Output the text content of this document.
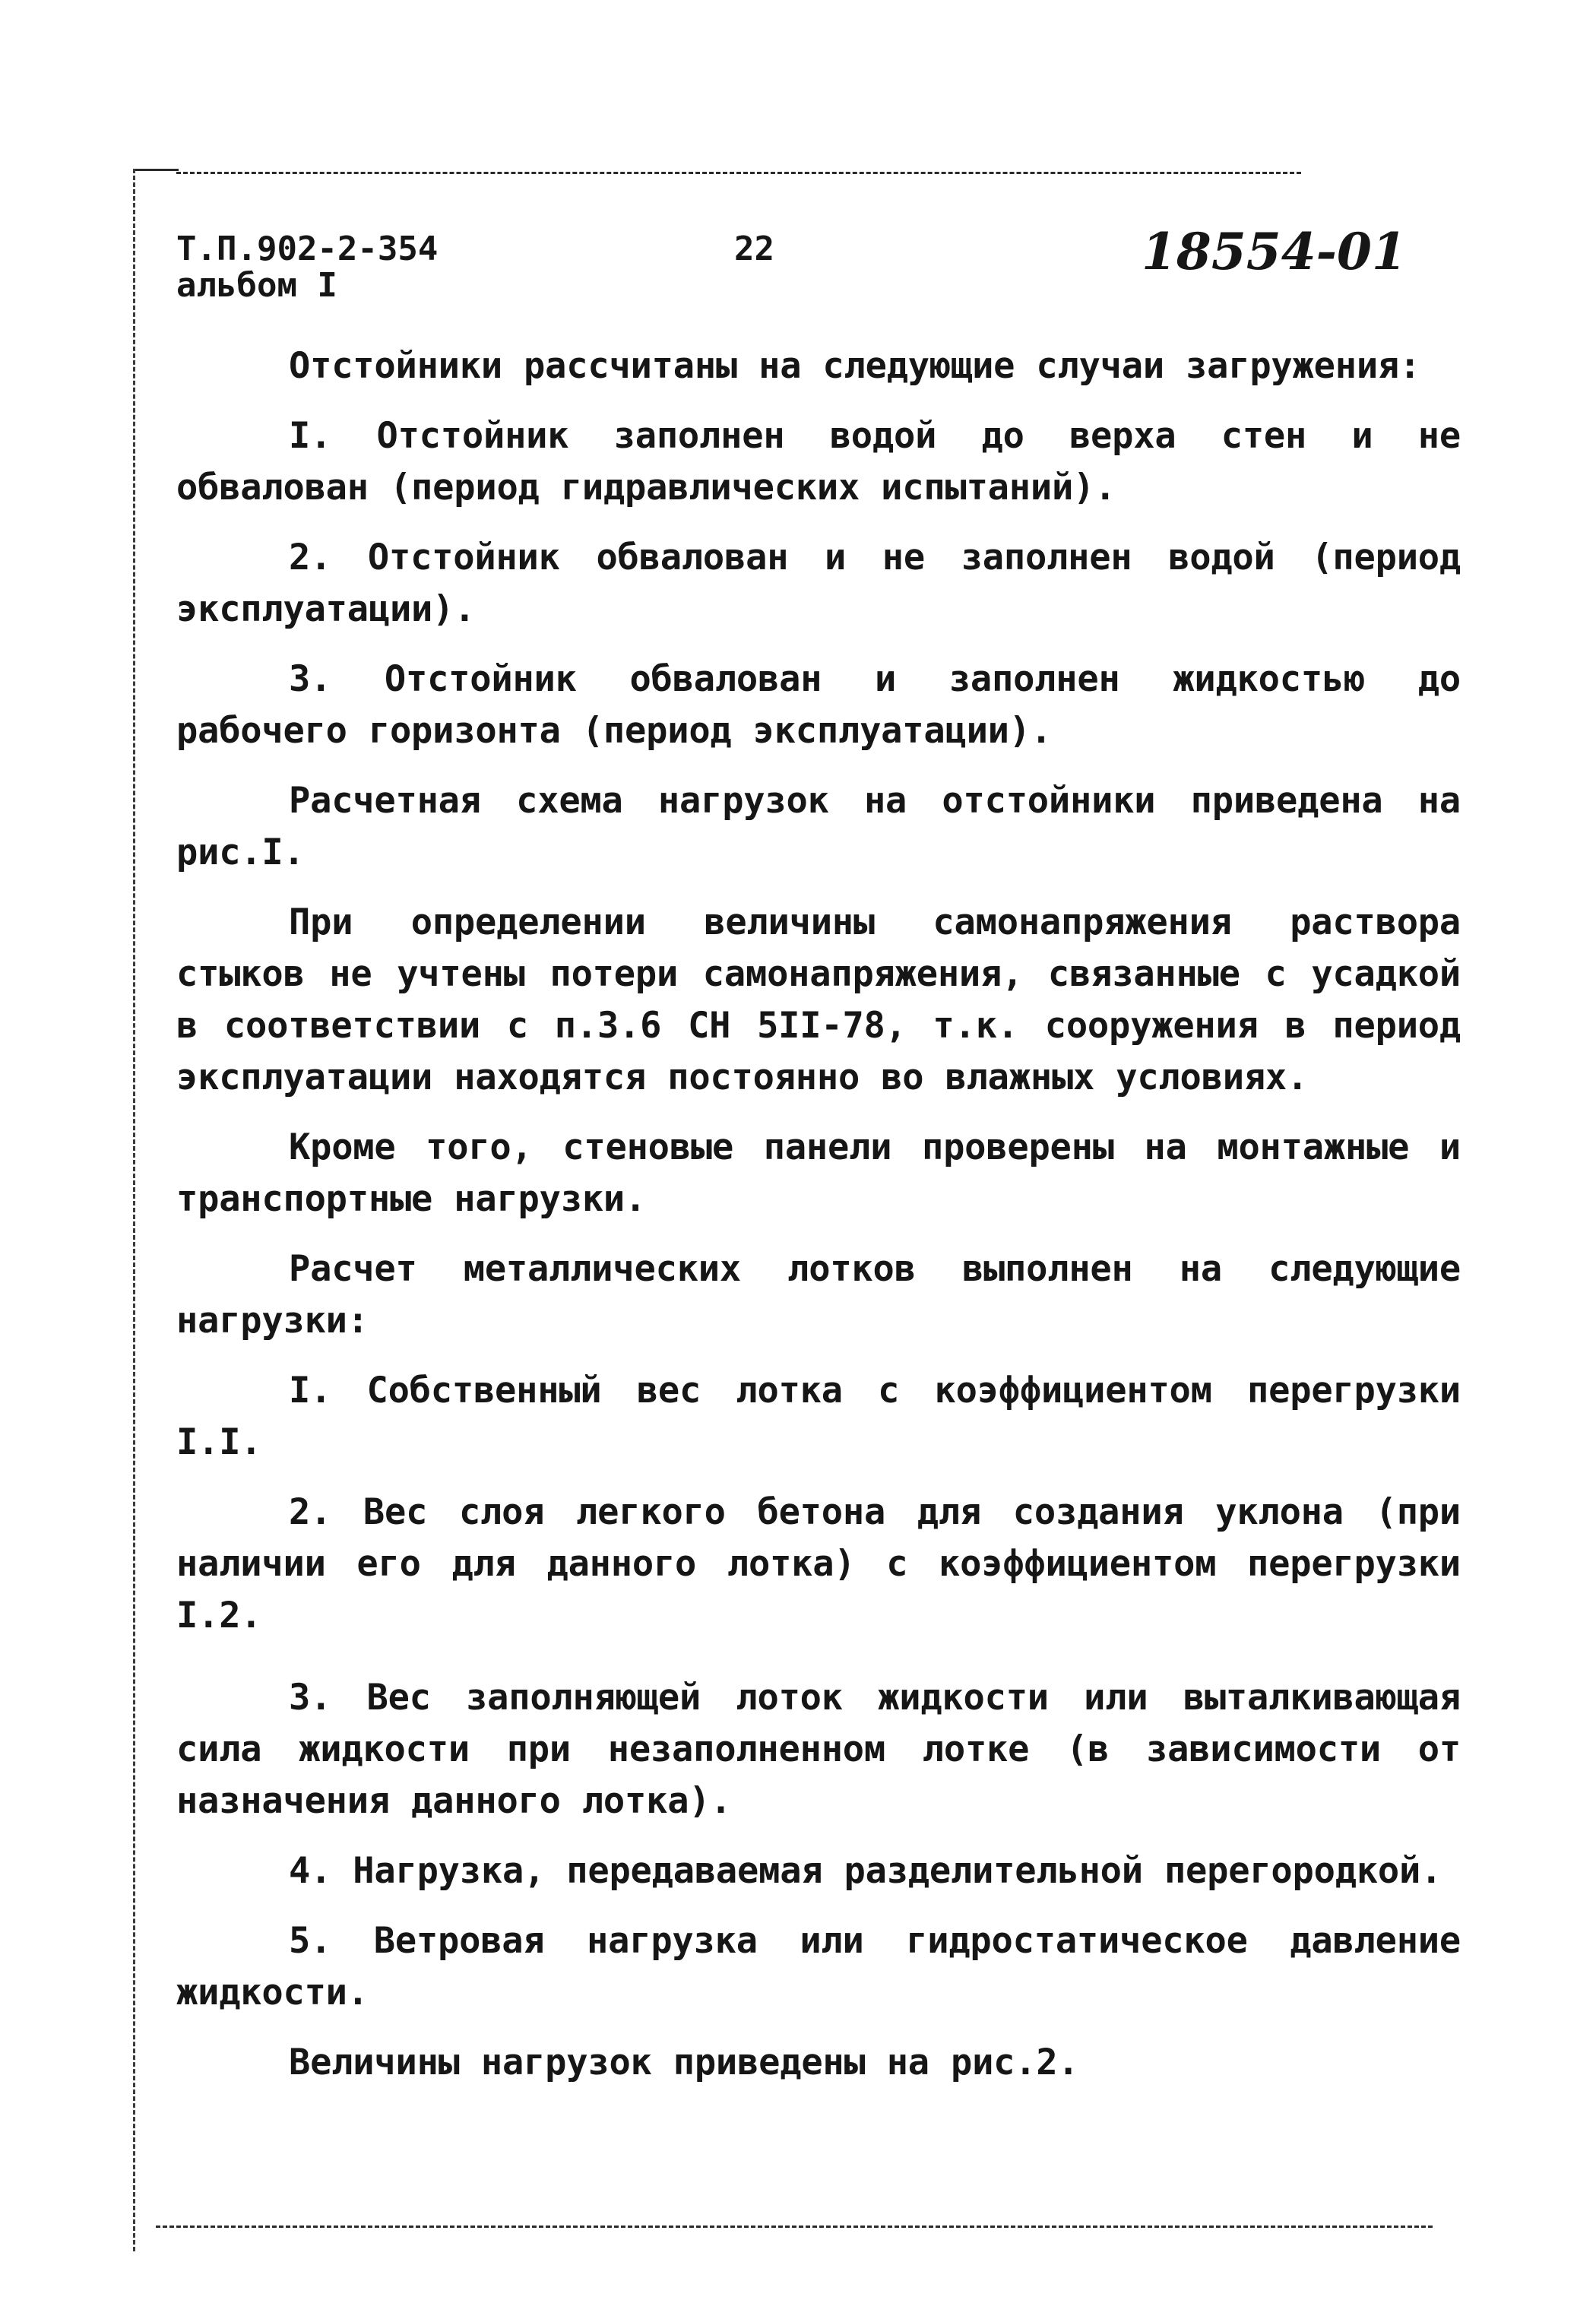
Т.П.902-2-354
альбом I
22	18554-01

Отстойники рассчитаны на следующие случаи загружения:

I. Отстойник заполнен водой до верха стен и не обвалован (период гидравлических испытаний).

2. Отстойник обвалован и не заполнен водой (период эксплуатации).

3. Отстойник обвалован и заполнен жидкостью до рабочего горизонта (период эксплуатации).

Расчетная схема нагрузок на отстойники приведена на рис.I.

При определении величины самонапряжения раствора стыков не учтены потери самонапряжения, связанные с усадкой в соответствии с п.3.6 СН 5II-78, т.к. сооружения в период эксплуатации находятся постоянно во влажных условиях.

Кроме того, стеновые панели проверены на монтажные и транспортные нагрузки.

Расчет металлических лотков выполнен на следующие нагрузки:

I. Собственный вес лотка с коэффициентом перегрузки I.I.

2. Вес слоя легкого бетона для создания уклона (при наличии его для данного лотка) с коэффициентом перегрузки I.2.

3. Вес заполняющей лоток жидкости или выталкивающая сила жидкости при незаполненном лотке (в зависимости от назначения данного лотка).

4. Нагрузка, передаваемая разделительной перегородкой.

5. Ветровая нагрузка или гидростатическое давление жидкости.

Величины нагрузок приведены на рис.2.
